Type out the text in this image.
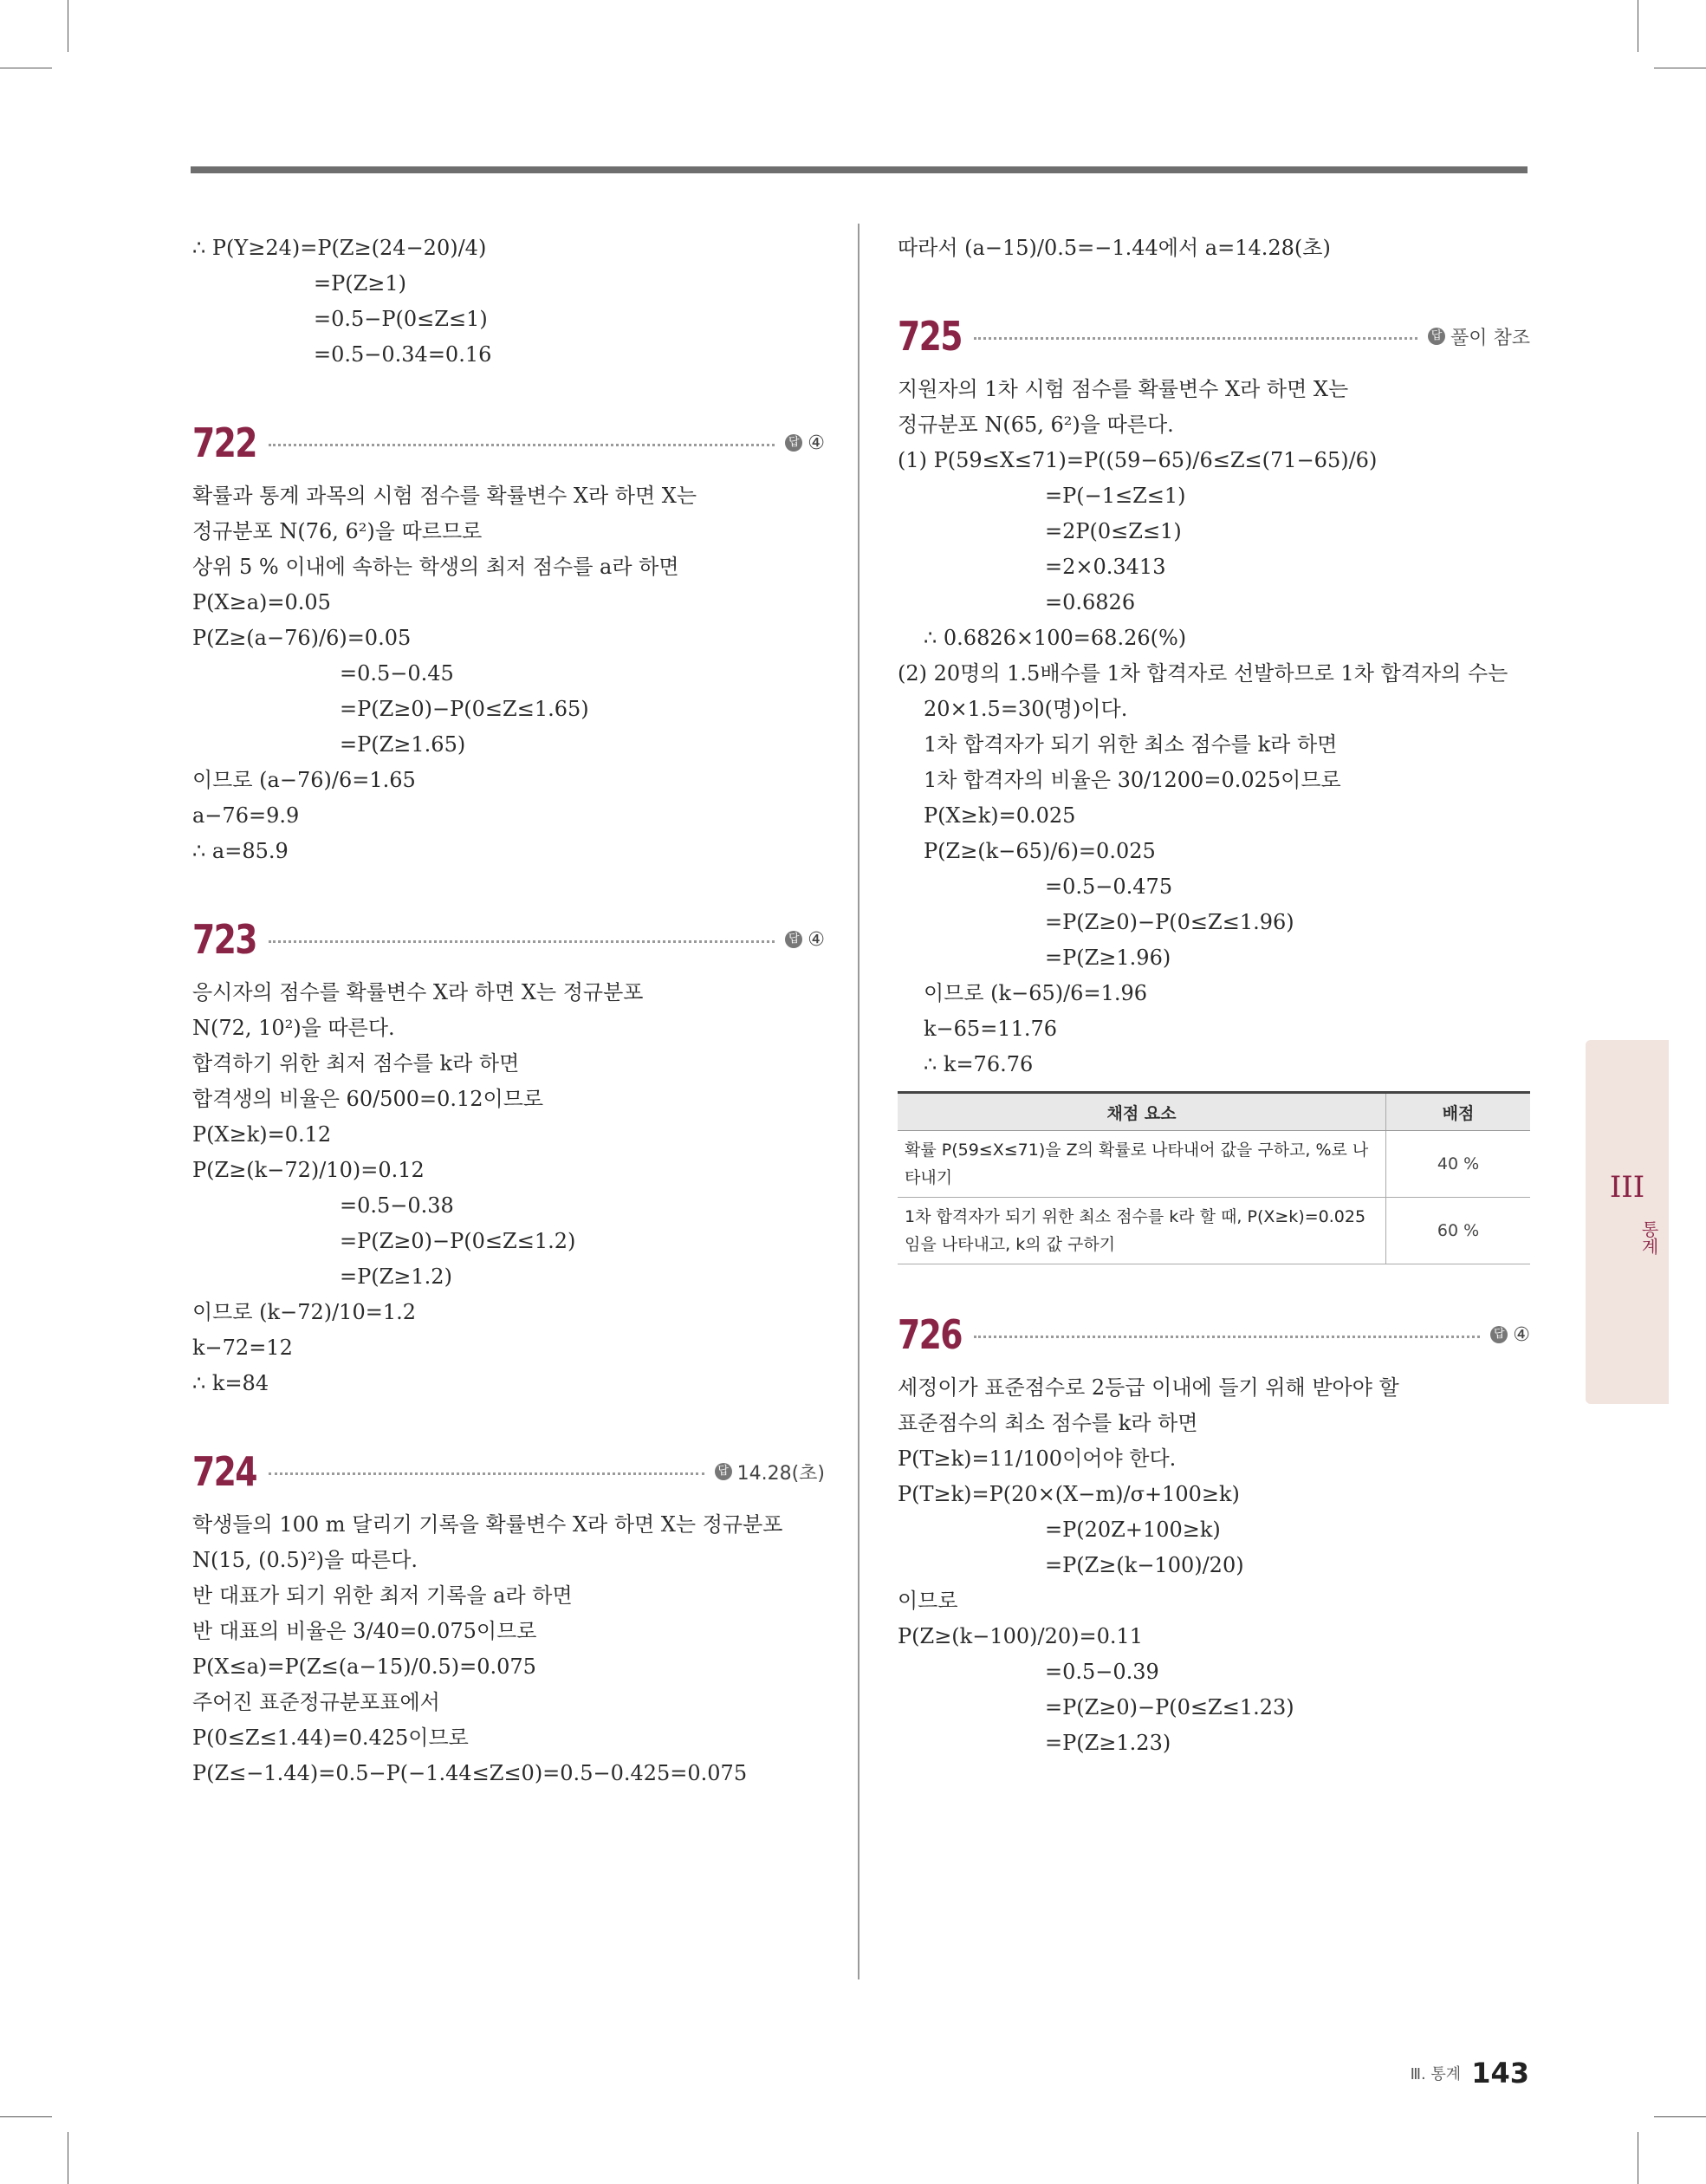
∴ P(Y≥24)=P(Z≥(24−20)/4)
=P(Z≥1)
=0.5−P(0≤Z≤1)
=0.5−0.34=0.16
722	답 ④
확률과 통계 과목의 시험 점수를 확률변수 X라 하면 X는
정규분포 N(76, 6²)을 따르므로
상위 5 % 이내에 속하는 학생의 최저 점수를 a라 하면
P(X≥a)=0.05
P(Z≥(a−76)/6)=0.05
=0.5−0.45
=P(Z≥0)−P(0≤Z≤1.65)
=P(Z≥1.65)
이므로 (a−76)/6=1.65
a−76=9.9
∴ a=85.9
723	답 ④
응시자의 점수를 확률변수 X라 하면 X는 정규분포
N(72, 10²)을 따른다.
합격하기 위한 최저 점수를 k라 하면
합격생의 비율은 60/500=0.12이므로
P(X≥k)=0.12
P(Z≥(k−72)/10)=0.12
=0.5−0.38
=P(Z≥0)−P(0≤Z≤1.2)
=P(Z≥1.2)
이므로 (k−72)/10=1.2
k−72=12
∴ k=84
724	답 14.28(초)
학생들의 100 m 달리기 기록을 확률변수 X라 하면 X는 정규분포
N(15, (0.5)²)을 따른다.
반 대표가 되기 위한 최저 기록을 a라 하면
반 대표의 비율은 3/40=0.075이므로
P(X≤a)=P(Z≤(a−15)/0.5)=0.075
주어진 표준정규분포표에서
P(0≤Z≤1.44)=0.425이므로
P(Z≤−1.44)=0.5−P(−1.44≤Z≤0)=0.5−0.425=0.075
따라서 (a−15)/0.5=−1.44에서 a=14.28(초)
725	답 풀이 참조
지원자의 1차 시험 점수를 확률변수 X라 하면 X는
정규분포 N(65, 6²)을 따른다.
(1) P(59≤X≤71)=P((59−65)/6≤Z≤(71−65)/6)
=P(−1≤Z≤1)
=2P(0≤Z≤1)
=2×0.3413
=0.6826
∴ 0.6826×100=68.26(%)
(2) 20명의 1.5배수를 1차 합격자로 선발하므로 1차 합격자의 수는
20×1.5=30(명)이다.
1차 합격자가 되기 위한 최소 점수를 k라 하면
1차 합격자의 비율은 30/1200=0.025이므로
P(X≥k)=0.025
P(Z≥(k−65)/6)=0.025
=0.5−0.475
=P(Z≥0)−P(0≤Z≤1.96)
=P(Z≥1.96)
이므로 (k−65)/6=1.96
k−65=11.76
∴ k=76.76
채점 요소	배점
확률 P(59≤X≤71)을 Z의 확률로 나타내어 값을 구하고, %로 나타내기	40 %
1차 합격자가 되기 위한 최소 점수를 k라 할 때, P(X≥k)=0.025임을 나타내고, k의 값 구하기	60 %
726	답 ④
세정이가 표준점수로 2등급 이내에 들기 위해 받아야 할
표준점수의 최소 점수를 k라 하면
P(T≥k)=11/100이어야 한다.
P(T≥k)=P(20×(X−m)/σ+100≥k)
=P(20Z+100≥k)
=P(Z≥(k−100)/20)
이므로
P(Z≥(k−100)/20)=0.11
=0.5−0.39
=P(Z≥0)−P(0≤Z≤1.23)
=P(Z≥1.23)
III
통계
Ⅲ. 통계 143
